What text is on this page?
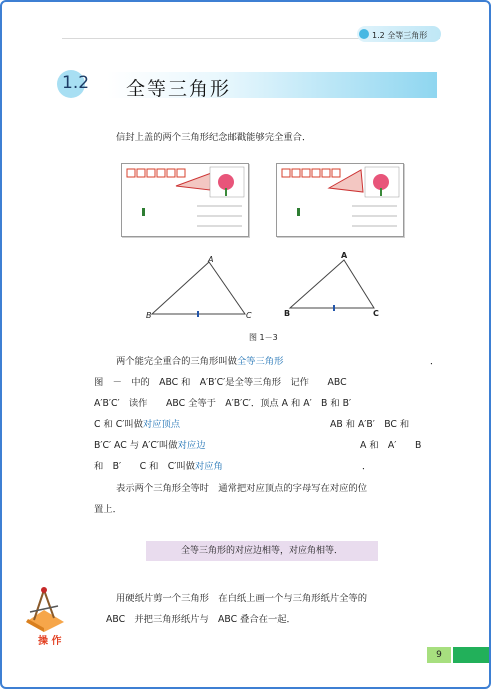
1.2 全等三角形
1.2 全等三角形
信封上盖的两个三角形纪念邮戳能够完全重合．
B
A
C	B
A
C
图 1－3
两个能完全重合的三角形叫做全等三角形	．
图　－　中的　ABC 和　A′B′C′是全等三角形　记作　　ABC
A′B′C′　读作　　ABC 全等于　A′B′C′．顶点 A 和 A′　B 和 B′
C 和 C′叫做对应顶点	AB 和 A′B′　BC 和
B′C′ AC 与 A′C′叫做对应边	A 和　A′　　B
和　B′　　C 和　C′叫做对应角	．
表示两个三角形全等时　通常把对应顶点的字母写在对应的位
置上．
全等三角形的对应边相等，对应角相等．
操 作
用硬纸片剪一个三角形　在白纸上画一个与三角形纸片全等的
ABC　并把三角形纸片与　ABC 叠合在一起．
9
